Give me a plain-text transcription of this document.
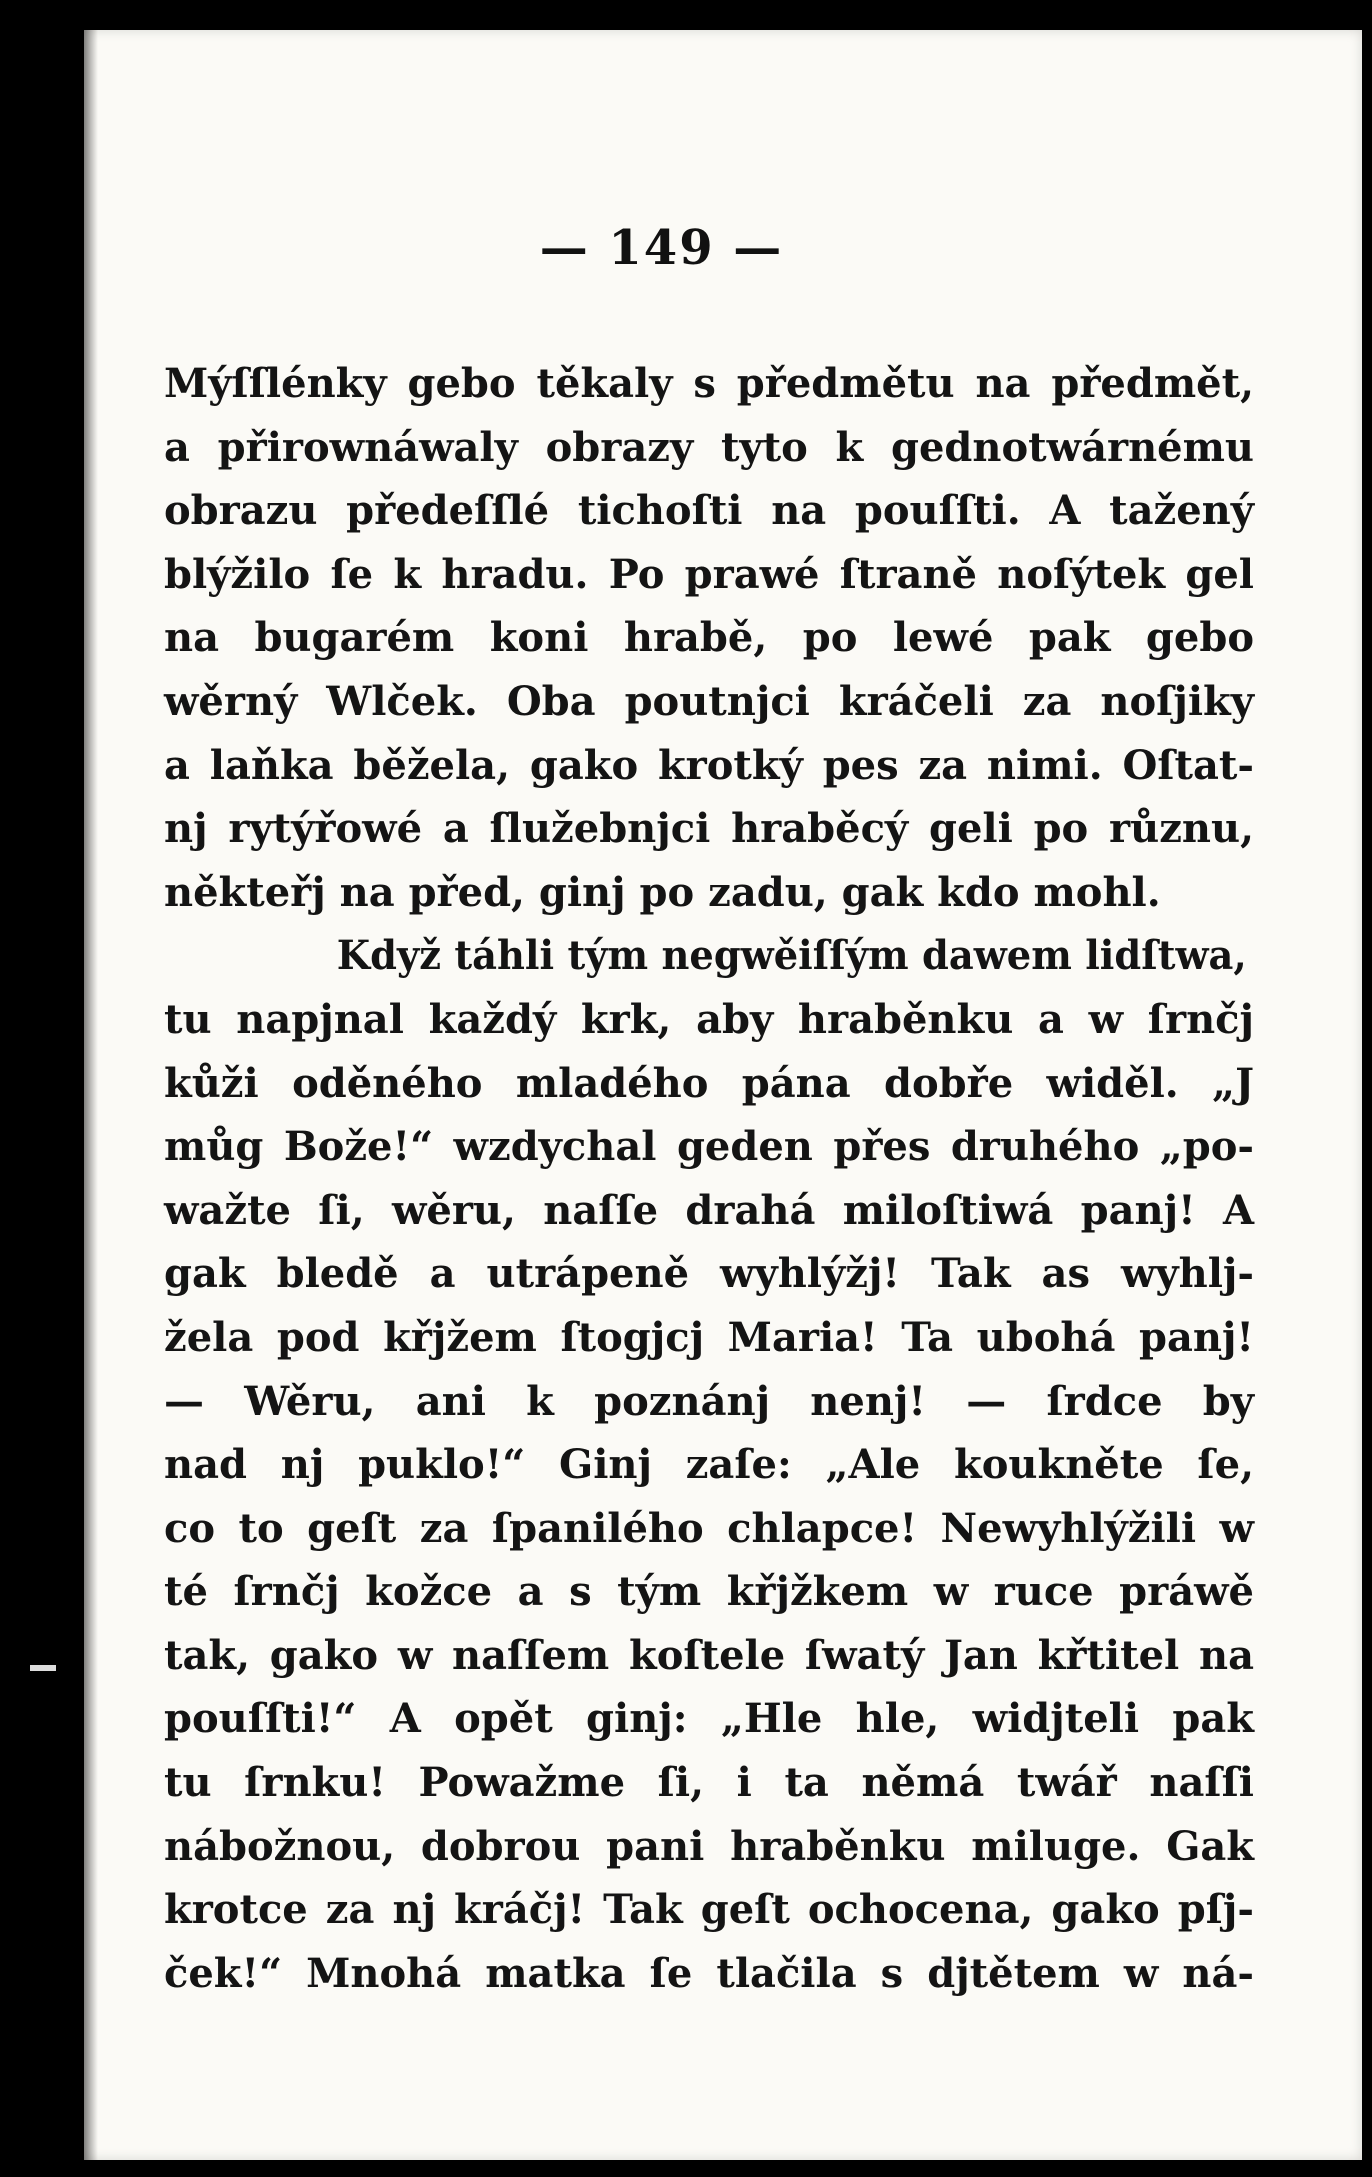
— 149 —
Mýſſlénky gebo těkaly s předmětu na předmět,
a přirownáwaly obrazy tyto k gednotwárnému
obrazu předeſſlé tichoſti na pouſſti. A tažený
blýžilo ſe k hradu. Po prawé ſtraně noſýtek gel
na bugarém koni hrabě, po lewé pak gebo
wěrný Wlček. Oba poutnjci kráčeli za noſjiky
a laňka běžela, gako krotký pes za nimi. Oſtat-
nj rytýřowé a ſlužebnjci hraběcý geli po různu,
někteřj na před, ginj po zadu, gak kdo mohl.
Když táhli tým negwěiſſým dawem lidſtwa,
tu napjnal každý krk, aby hraběnku a w ſrnčj
kůži oděného mladého pána dobře widěl. „J
můg Bože!“ wzdychal geden přes druhého „po-
wažte ſi, wěru, naſſe drahá miloſtiwá panj! A
gak bledě a utrápeně wyhlýžj! Tak as wyhlj-
žela pod křjžem ſtogjcj Maria! Ta ubohá panj!
— Wěru, ani k poznánj nenj! — ſrdce by
nad nj puklo!“ Ginj zaſe: „Ale koukněte ſe,
co to geſt za ſpanilého chlapce! Newyhlýžili w
té ſrnčj kožce a s tým křjžkem w ruce práwě
tak, gako w naſſem koſtele ſwatý Jan křtitel na
pouſſti!“ A opět ginj: „Hle hle, widjteli pak
tu ſrnku! Powažme ſi, i ta němá twář naſſi
nábožnou, dobrou pani hraběnku miluge. Gak
krotce za nj kráčj! Tak geſt ochocena, gako pſj-
ček!“ Mnohá matka ſe tlačila s djtětem w ná-
